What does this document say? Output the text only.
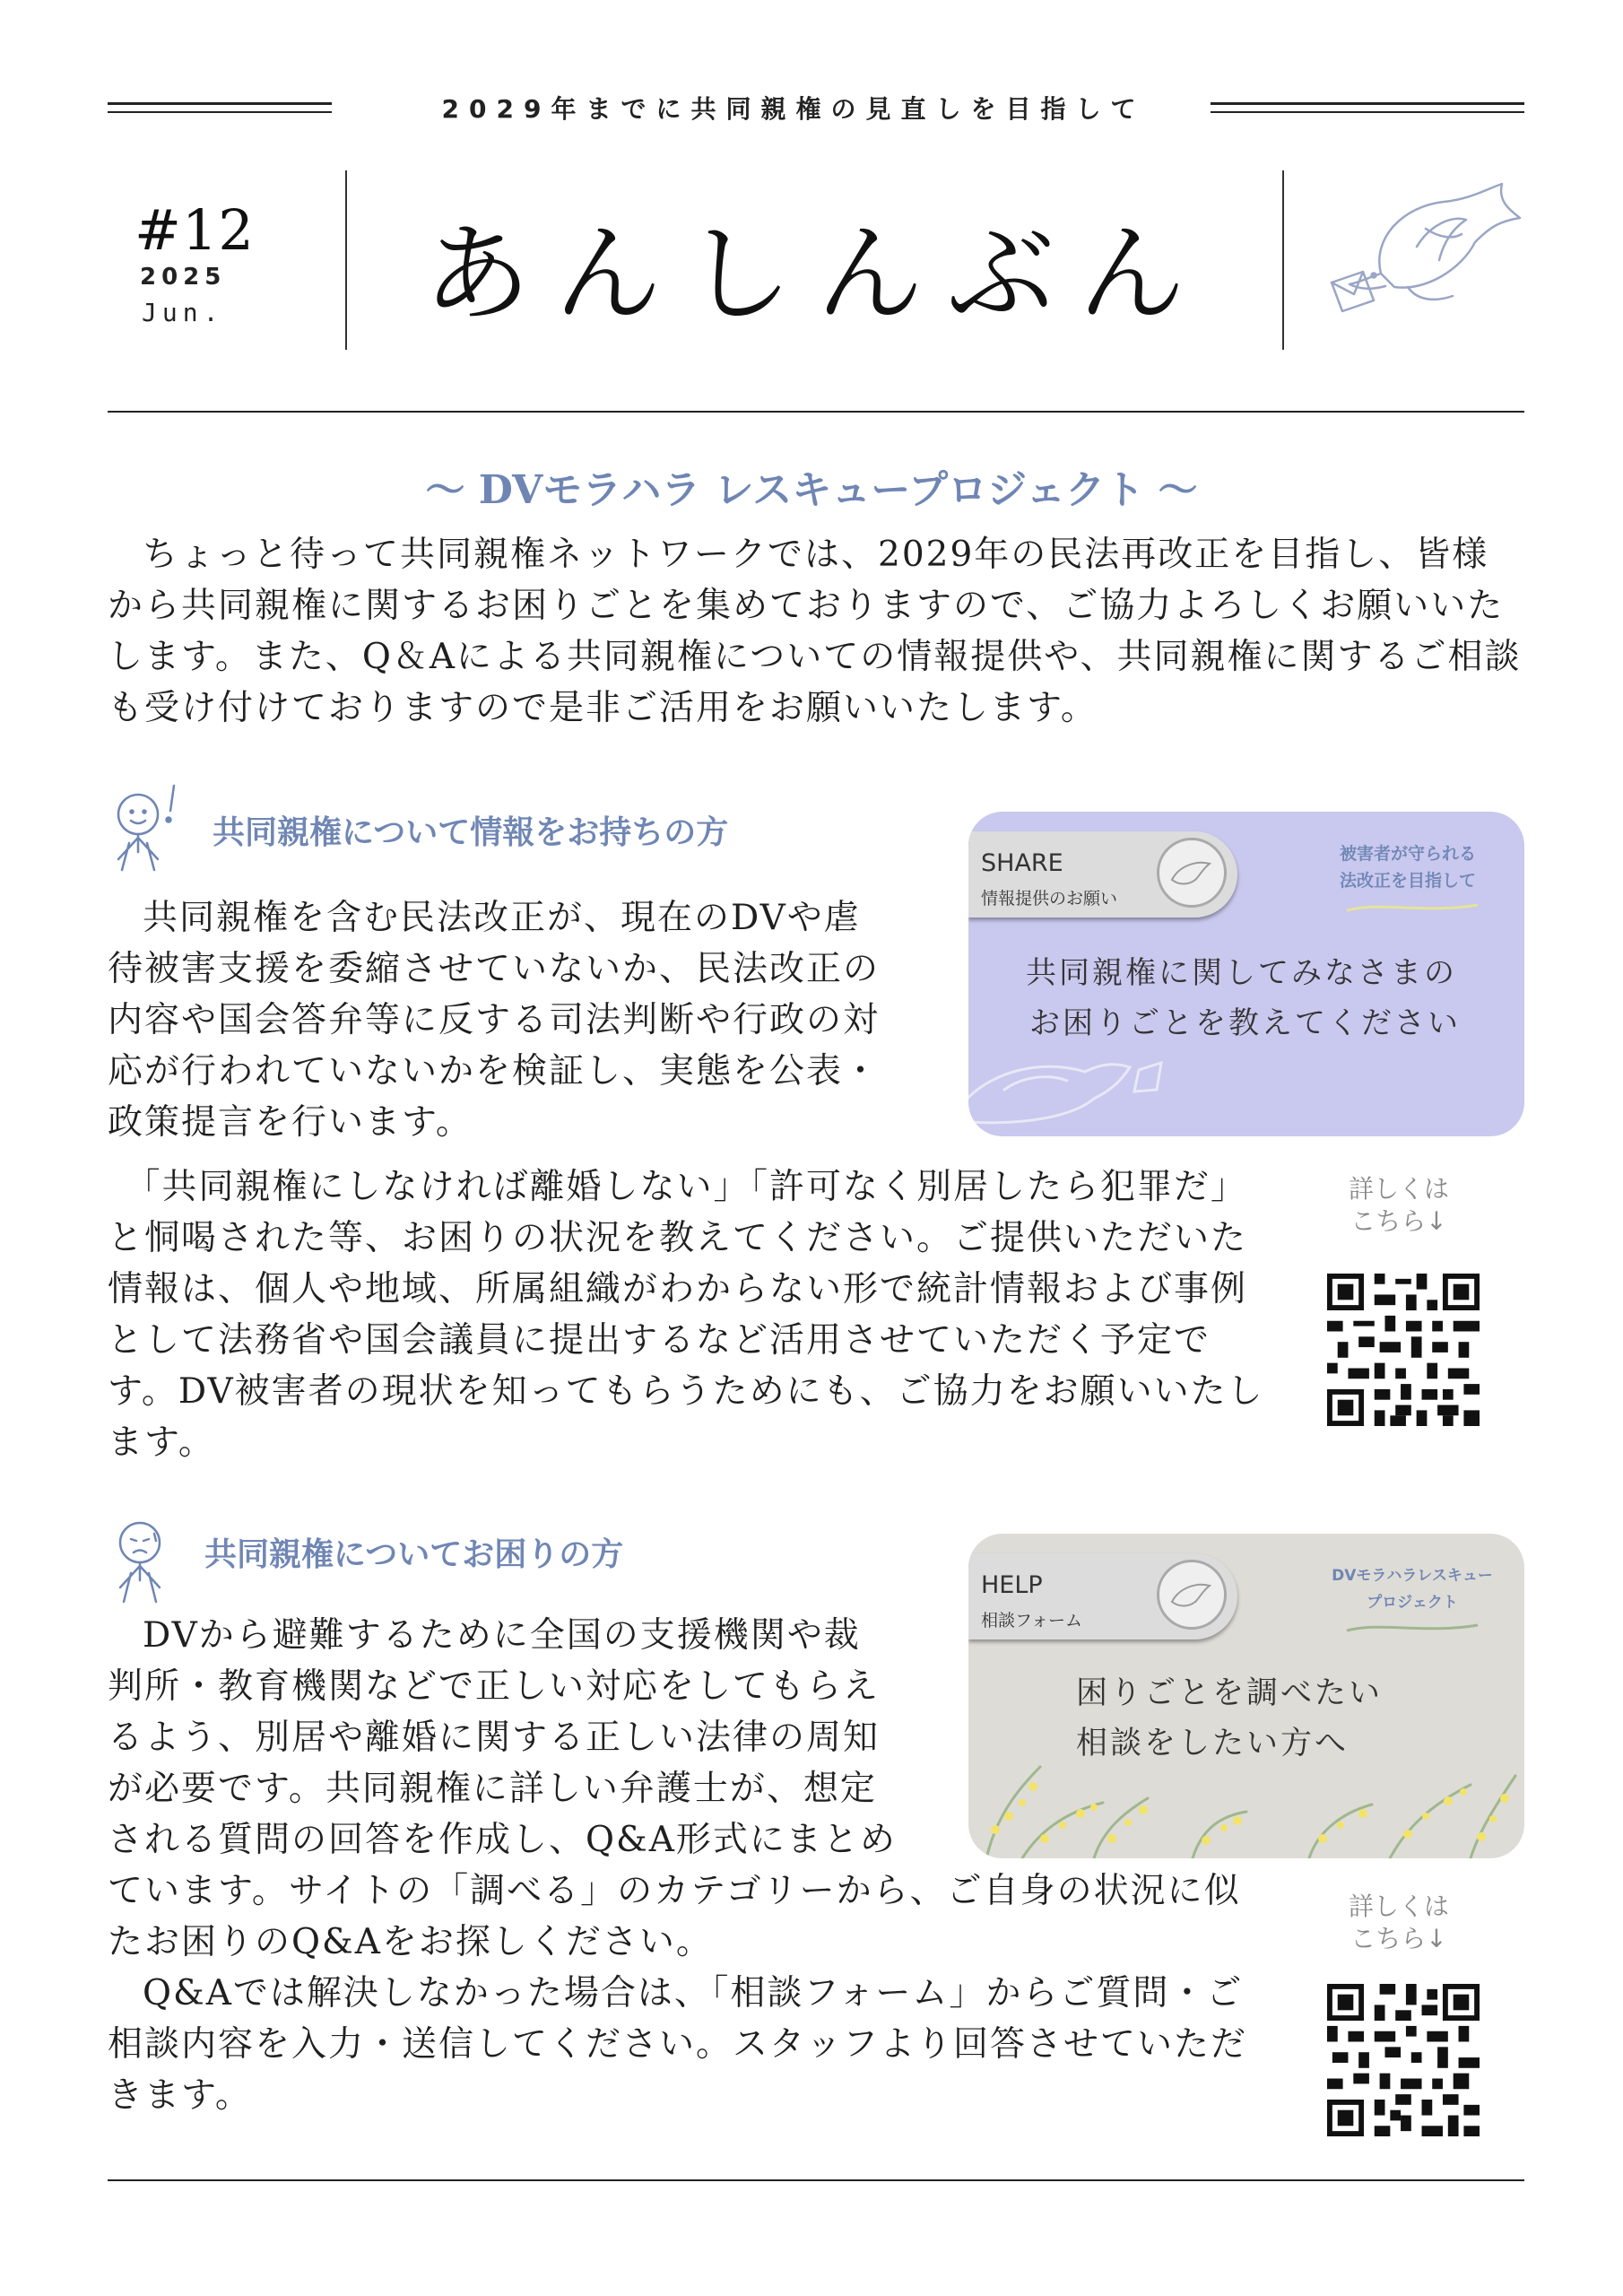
2029年までに共同親権の見直しを目指して
#12
2025
Jun. あんしんぶん
〜 DVモラハラ レスキュープロジェクト 〜

ちょっと待って共同親権ネットワークでは、2029年の民法再改正を目指し、皆様から共同親権に関するお困りごとを集めておりますので、ご協力よろしくお願いいたします。また、Q＆Aによる共同親権についての情報提供や、共同親権に関するご相談も受け付けておりますので是非ご活用をお願いいたします。

共同親権について情報をお持ちの方

共同親権を含む民法改正が、現在のDVや虐待被害支援を委縮させていないか、民法改正の内容や国会答弁等に反する司法判断や行政の対応が行われていないかを検証し、実態を公表・政策提言を行います。

「共同親権にしなければ離婚しない」「許可なく別居したら犯罪だ」と恫喝された等、お困りの状況を教えてください。ご提供いただいた情報は、個人や地域、所属組織がわからない形で統計情報および事例として法務省や国会議員に提出するなど活用させていただく予定です。DV被害者の現状を知ってもらうためにも、ご協力をお願いいたします。

SHARE
情報提供のお願い
被害者が守られる
法改正を目指して
共同親権に関してみなさまの
お困りごとを教えてください
詳しくは
こちら↓
共同親権についてお困りの方

DVから避難するために全国の支援機関や裁判所・教育機関などで正しい対応をしてもらえるよう、別居や離婚に関する正しい法律の周知が必要です。共同親権に詳しい弁護士が、想定される質問の回答を作成し、Q&A形式にまとめ

ています。サイトの「調べる」のカテゴリーから、ご自身の状況に似たお困りのQ&Aをお探しください。

Q&Aでは解決しなかった場合は、「相談フォーム」からご質問・ご相談内容を入力・送信してください。スタッフより回答させていただきます。

HELP
相談フォーム
DVモラハラレスキュー
プロジェクト
困りごとを調べたい
相談をしたい方へ
詳しくは
こちら↓
